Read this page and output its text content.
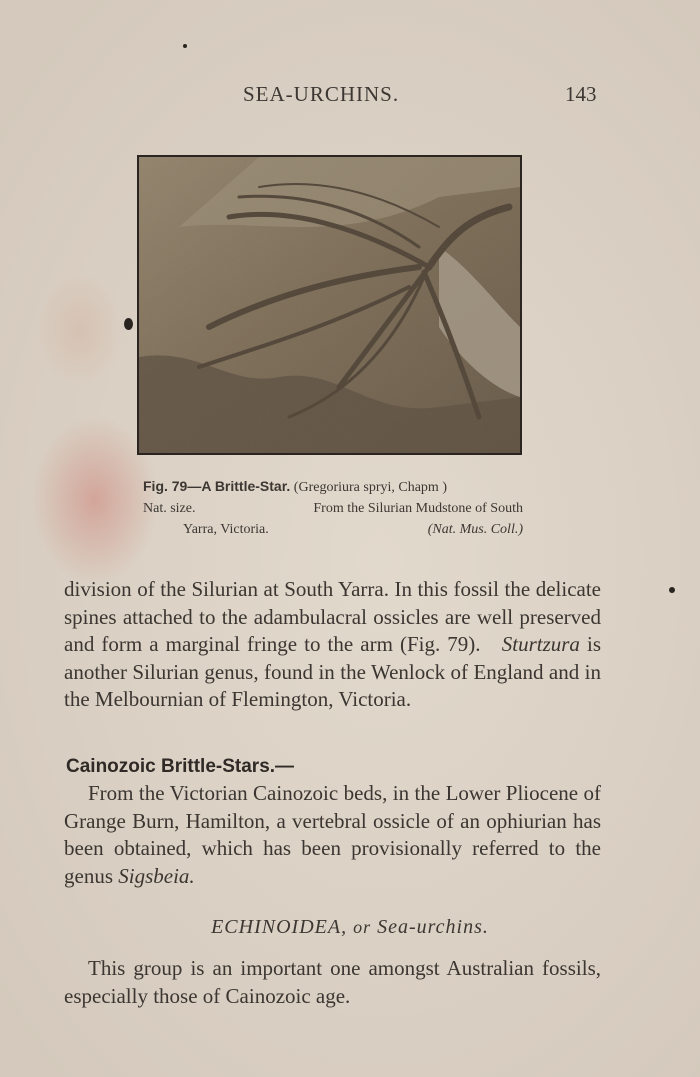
SEA-URCHINS.	143
Fig. 79—A Brittle-Star. (Gregoriura spryi, Chapm )
Nat. size.	From the Silurian Mudstone of South
Yarra, Victoria.	(Nat. Mus. Coll.)
division of the Silurian at South Yarra. In this fossil the delicate spines attached to the adambulacral ossicles are well preserved and form a marginal fringe to the arm (Fig. 79). Sturtzura is another Silurian genus, found in the Wenlock of England and in the Melbournian of Flemington, Victoria.
Cainozoic Brittle-Stars.—
From the Victorian Cainozoic beds, in the Lower Pliocene of Grange Burn, Hamilton, a vertebral ossicle of an ophiurian has been obtained, which has been provisionally referred to the genus Sigsbeia.
ECHINOIDEA, or Sea-urchins.
This group is an important one amongst Australian fossils, especially those of Cainozoic age.
